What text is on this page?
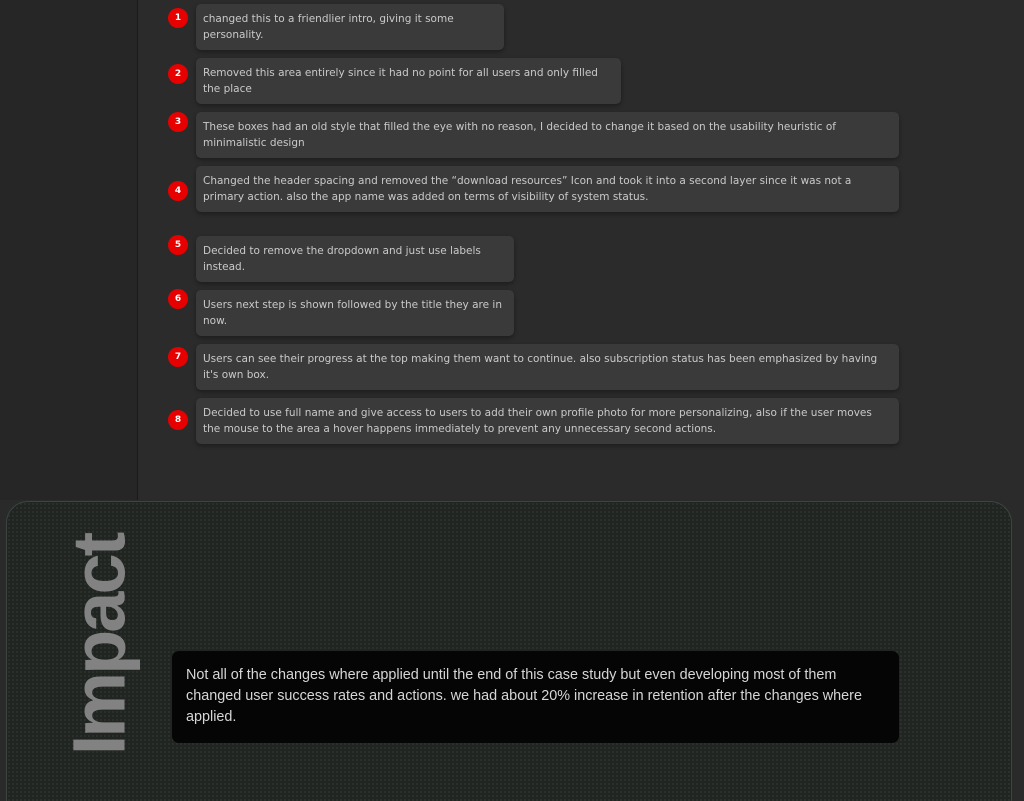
1	changed this to a friendlier intro, giving it some personality.
2	Removed this area entirely since it had no point for all users and only filled the place
3	These boxes had an old style that filled the eye with no reason, I decided to change it based on the usability heuristic of minimalistic design
4
Changed the header spacing and removed the “download resources” Icon and took it into a second layer since it was not a primary action. also the app name was added on terms of visibility of system status.
5	Decided to remove the dropdown and just use labels instead.
6	Users next step is shown followed by the title they are in now.
7	Users can see their progress at the top making them want to continue. also subscription status has been emphasized by having it's own box.
8
Decided to use full name and give access to users to add their own profile photo for more personalizing, also if the user moves the mouse to the area a hover happens immediately to prevent any unnecessary second actions.
Impact	Not all of the changes where applied until the end of this case study but even developing most of them changed user success rates and actions. we had about 20% increase in retention after the changes where applied.
